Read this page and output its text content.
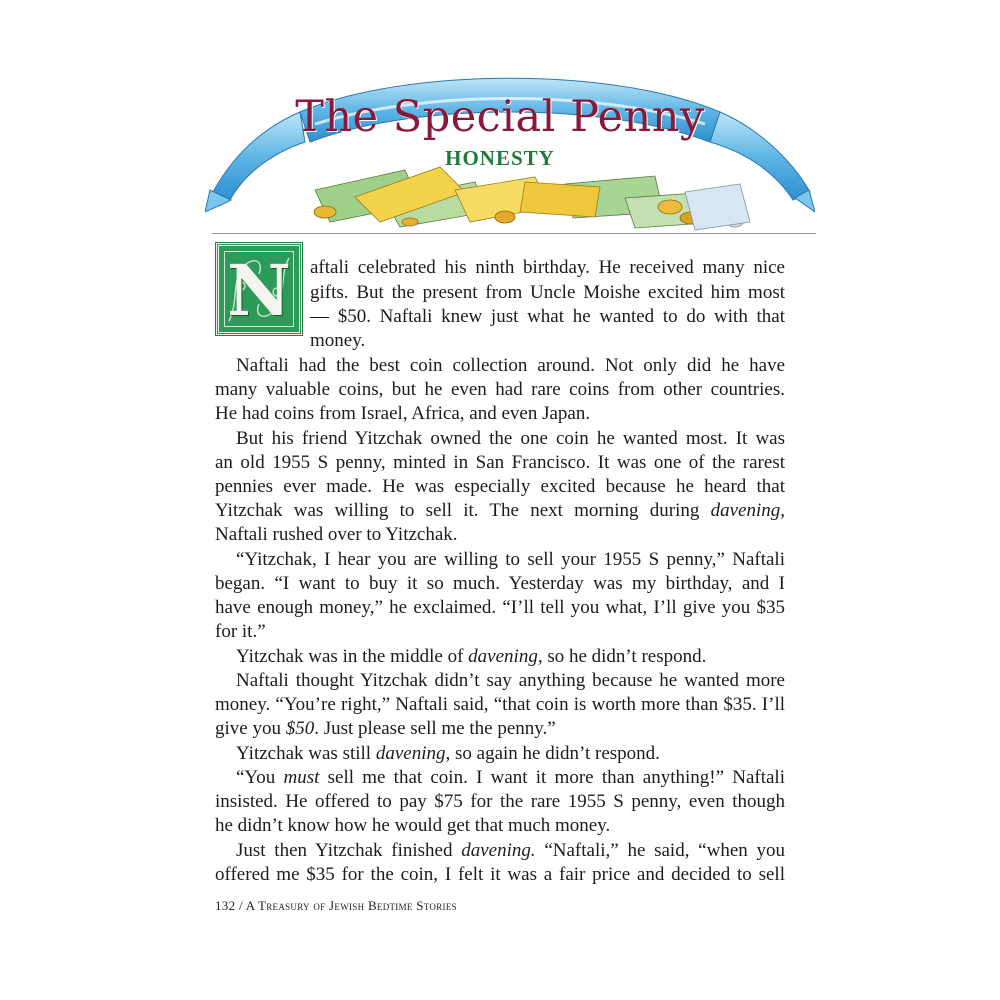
The Special Penny
HONESTY
N	aftali celebrated his ninth birthday. He received many nice
gifts. But the present from Uncle Moishe excited him most
— $50. Naftali knew just what he wanted to do with that
money.
Naftali had the best coin collection around. Not only did he have
many valuable coins, but he even had rare coins from other countries.
He had coins from Israel, Africa, and even Japan.
But his friend Yitzchak owned the one coin he wanted most. It was
an old 1955 S penny, minted in San Francisco. It was one of the rarest
pennies ever made. He was especially excited because he heard that
Yitzchak was willing to sell it. The next morning during davening,
Naftali rushed over to Yitzchak.
“Yitzchak, I hear you are willing to sell your 1955 S penny,” Naftali
began. “I want to buy it so much. Yesterday was my birthday, and I
have enough money,” he exclaimed. “I’ll tell you what, I’ll give you $35
for it.”
Yitzchak was in the middle of davening, so he didn’t respond.
Naftali thought Yitzchak didn’t say anything because he wanted more
money. “You’re right,” Naftali said, “that coin is worth more than $35. I’ll
give you $50. Just please sell me the penny.”
Yitzchak was still davening, so again he didn’t respond.
“You must sell me that coin. I want it more than anything!” Naftali
insisted. He offered to pay $75 for the rare 1955 S penny, even though
he didn’t know how he would get that much money.
Just then Yitzchak finished davening. “Naftali,” he said, “when you
offered me $35 for the coin, I felt it was a fair price and decided to sell
132 / A Treasury of Jewish Bedtime Stories
